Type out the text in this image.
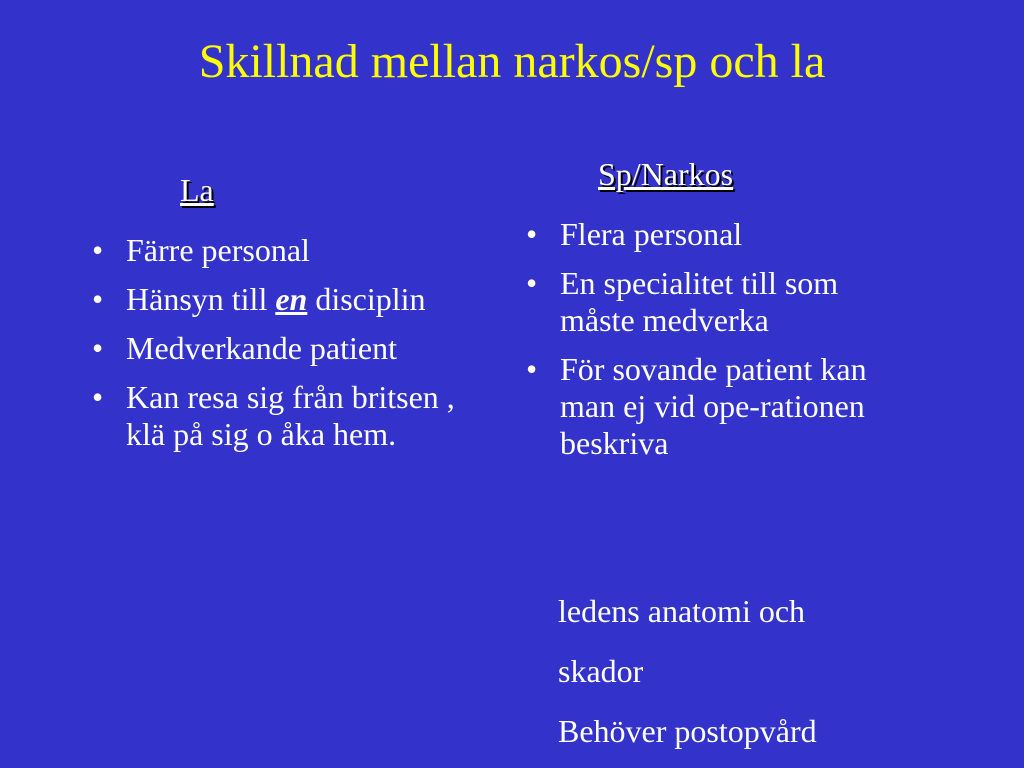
Skillnad mellan narkos/sp och la
La
• Färre personal
• Hänsyn till en disciplin
• Medverkande patient
• Kan resa sig från britsen , klä på sig o åka hem.
Sp/Narkos
• Flera personal
• En specialitet till som måste medverka
• För sovande patient kan man ej vid ope-rationen beskriva
ledens anatomi och
skador
Behöver postopvård
